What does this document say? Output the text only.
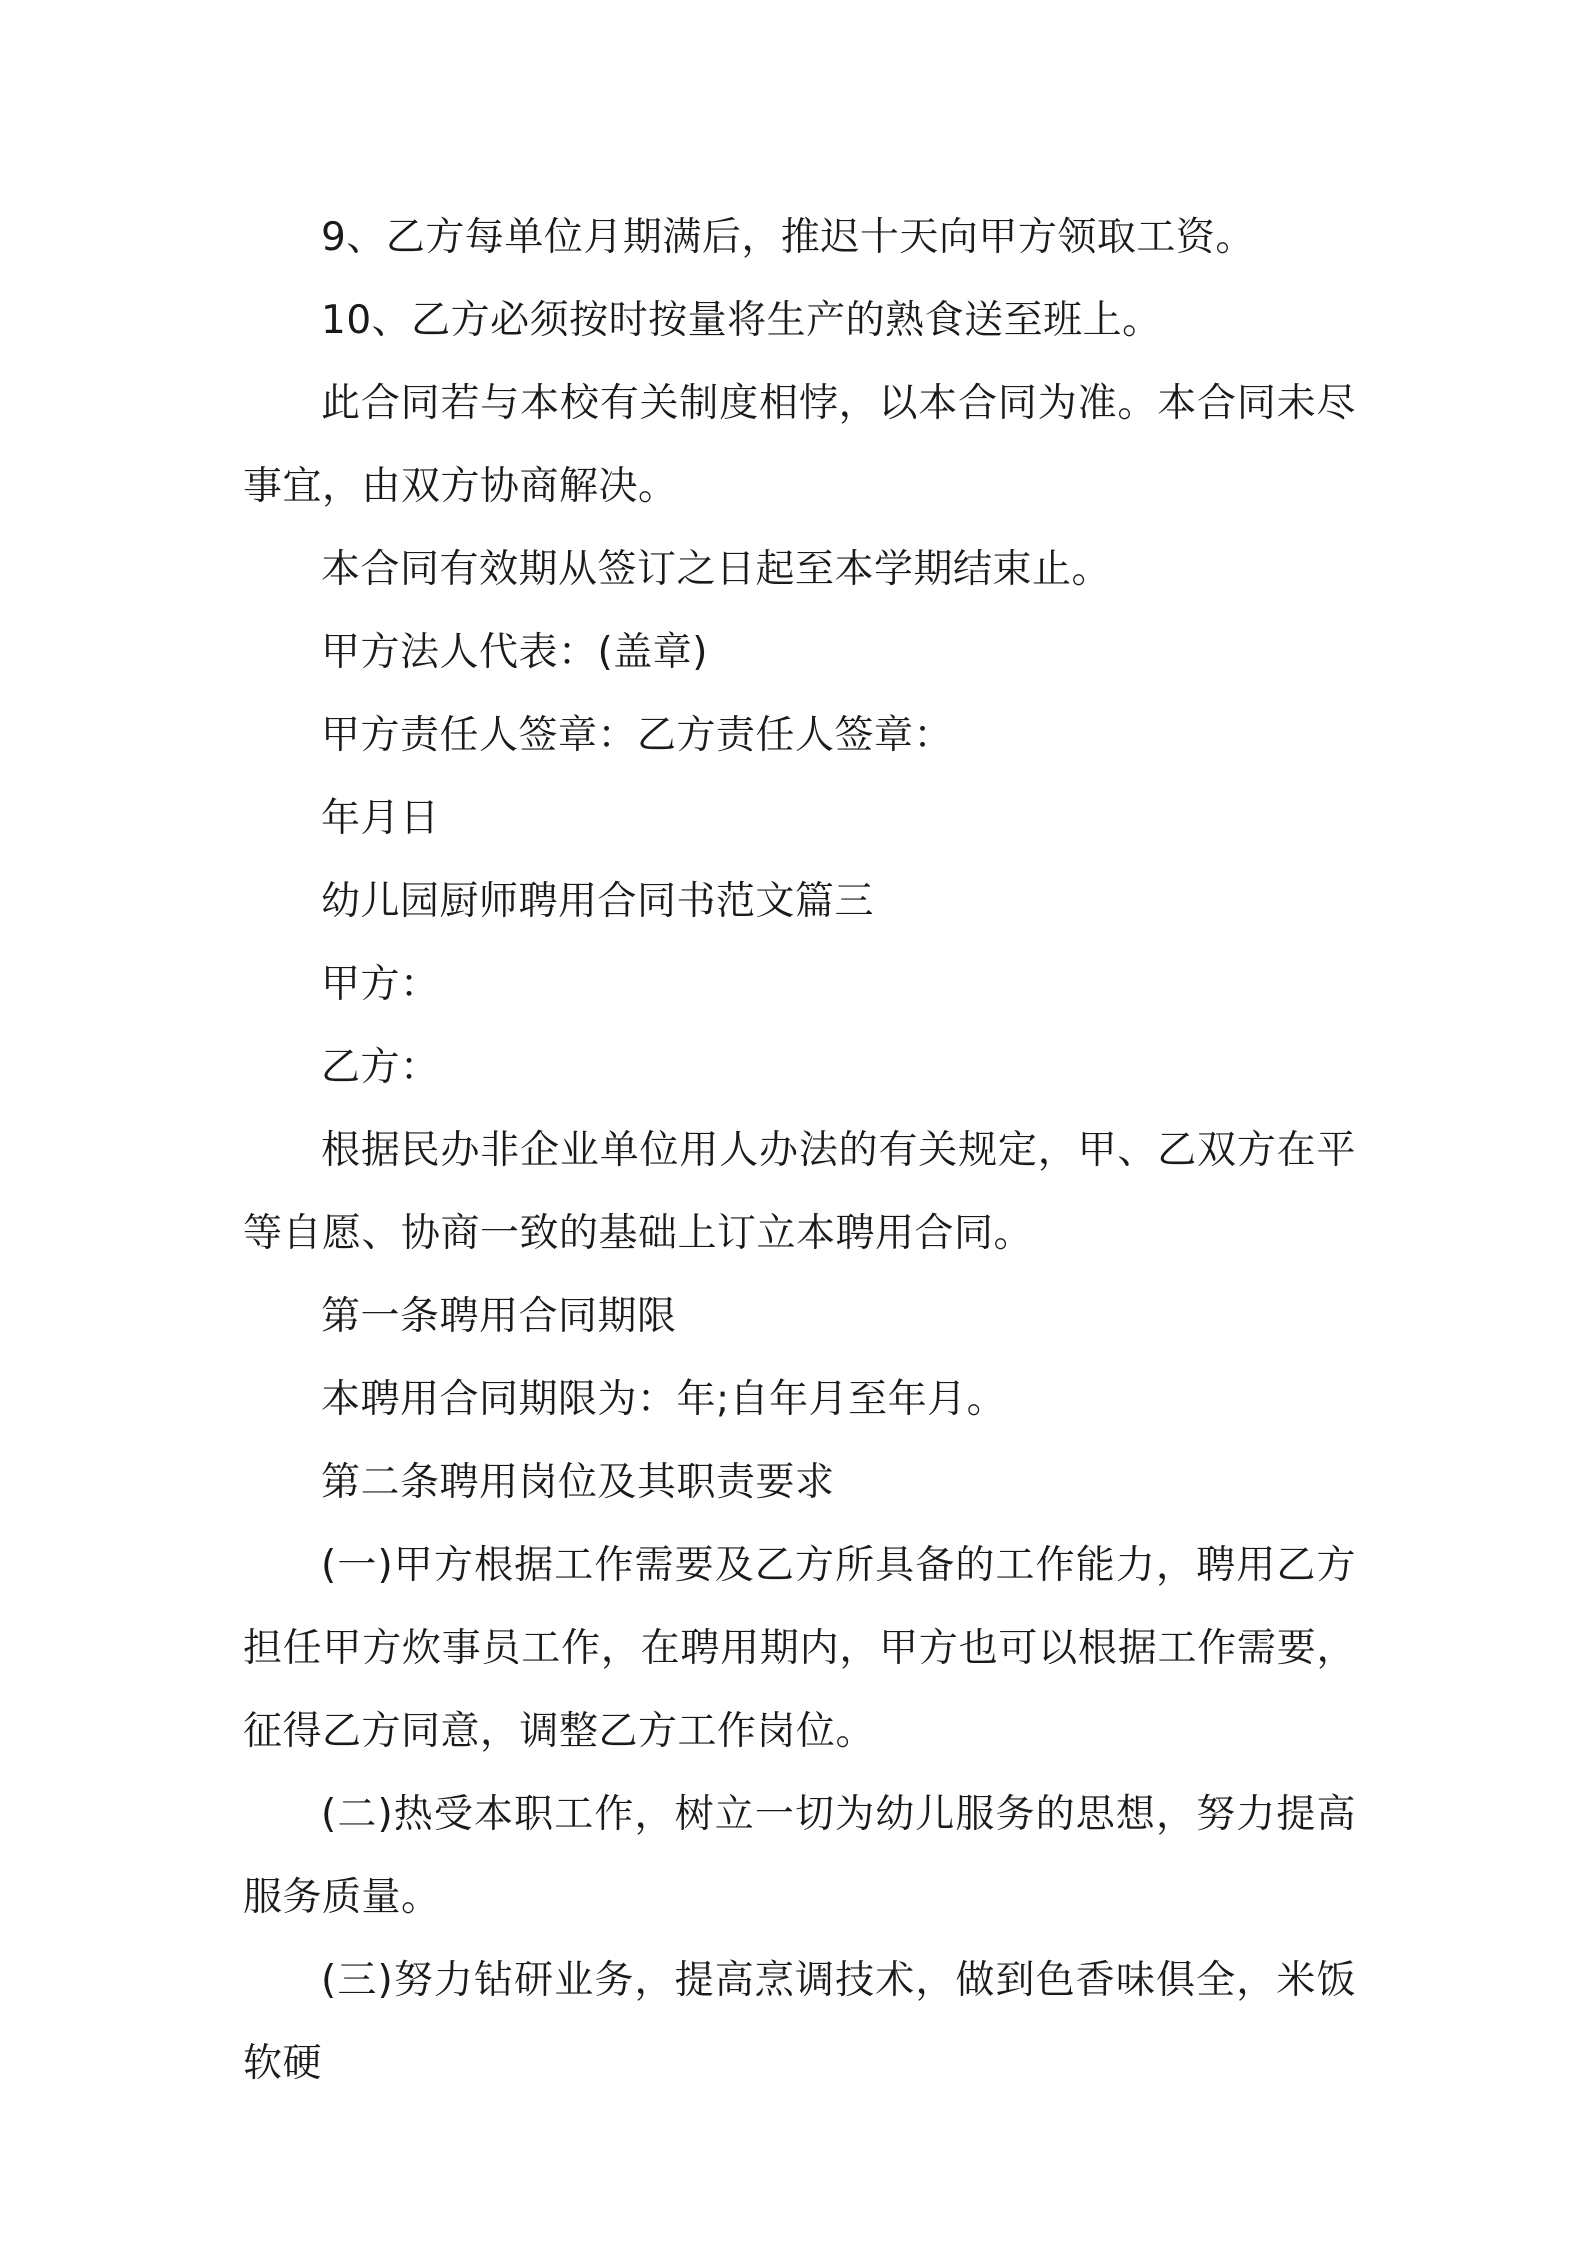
9、乙方每单位月期满后，推迟十天向甲方领取工资。

10、乙方必须按时按量将生产的熟食送至班上。

此合同若与本校有关制度相悖，以本合同为准。本合同未尽事宜，由双方协商解决。

本合同有效期从签订之日起至本学期结束止。

甲方法人代表：(盖章)

甲方责任人签章：乙方责任人签章：

年月日

幼儿园厨师聘用合同书范文篇三

甲方：

乙方：

根据民办非企业单位用人办法的有关规定，甲、乙双方在平等自愿、协商一致的基础上订立本聘用合同。

第一条聘用合同期限

本聘用合同期限为：年;自年月至年月。

第二条聘用岗位及其职责要求

(一)甲方根据工作需要及乙方所具备的工作能力，聘用乙方担任甲方炊事员工作，在聘用期内，甲方也可以根据工作需要，征得乙方同意，调整乙方工作岗位。

(二)热受本职工作，树立一切为幼儿服务的思想，努力提高服务质量。

(三)努力钻研业务，提高烹调技术，做到色香味俱全，米饭软硬
